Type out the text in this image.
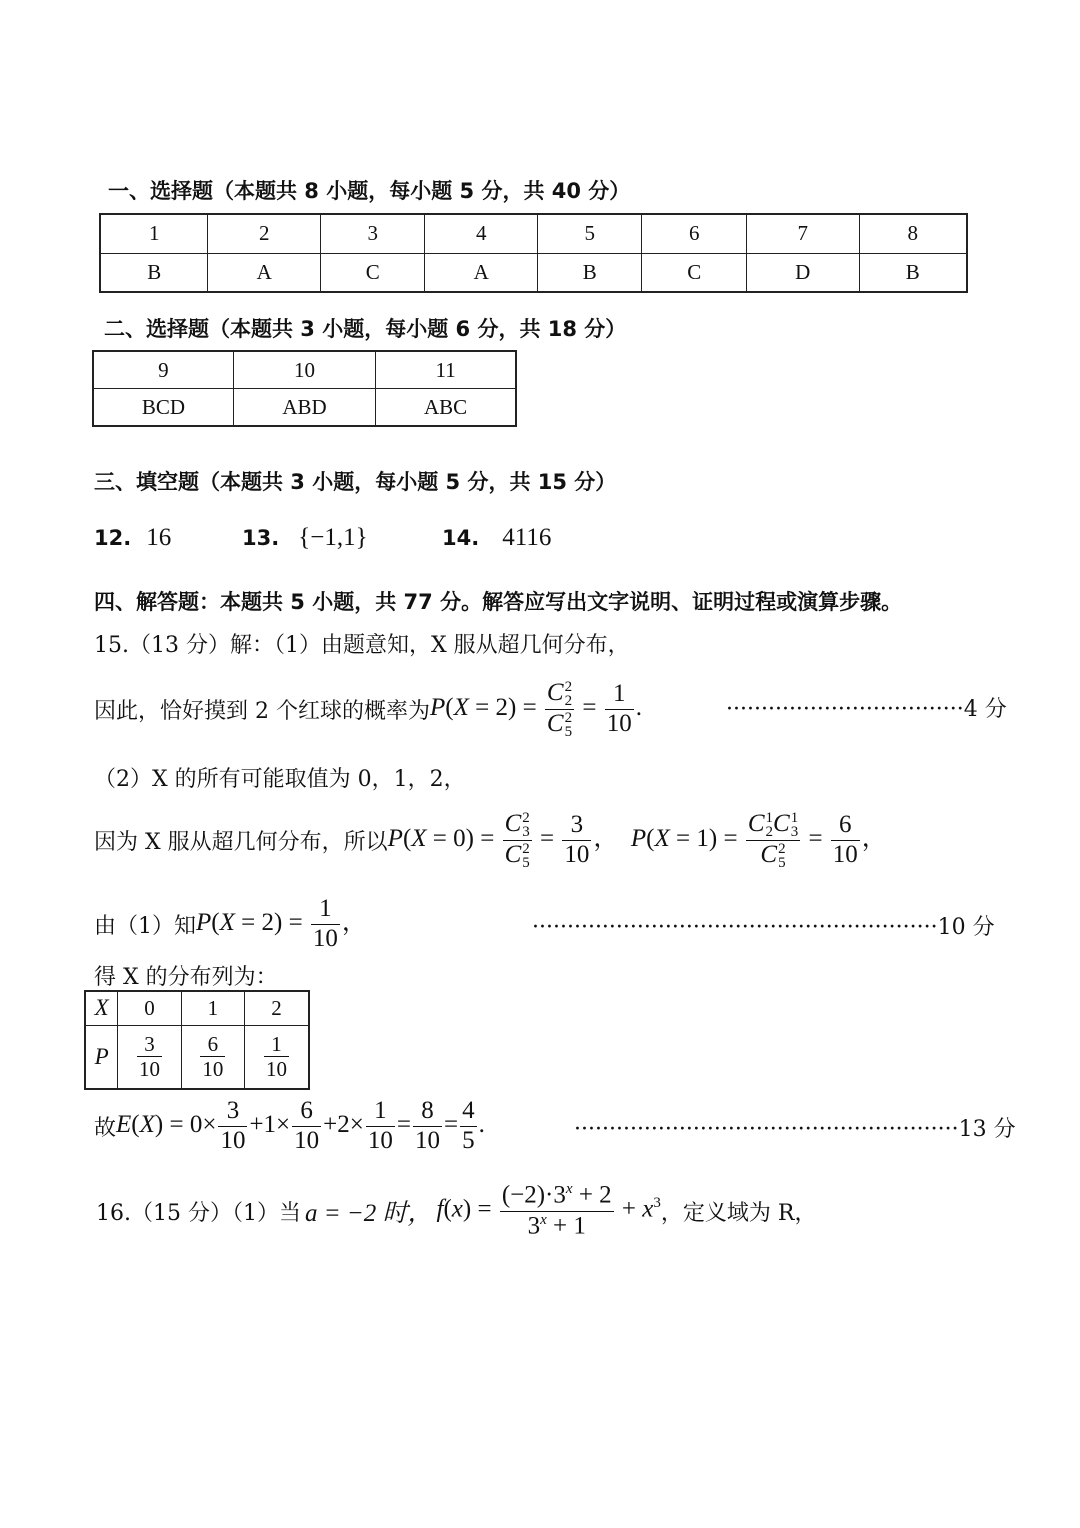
一、选择题（本题共 8 小题，每小题 5 分，共 40 分）
1	2	3	4	5	6	7	8
B	A	C	A	B	C	D	B
二、选择题（本题共 3 小题，每小题 6 分，共 18 分）
9	10	11
BCD	ABD	ABC
三、填空题（本题共 3 小题，每小题 5 分，共 15 分）
12. 16	13. {−1,1}	14. 4116
四、解答题：本题共 5 小题，共 77 分。解答应写出文字说明、证明过程或演算步骤。
15.（13 分）解：（1）由题意知，X 服从超几何分布，
因此，恰好摸到 2 个红球的概率为 P(X = 2) = C 2
2
C 2
$5 = \frac{1}{10}$ .	··································4 分
（2）X 的所有可能取值为 0，1，2，
因为 X 服从超几何分布，所以 P(X = 0) = C 2
3
C 2
$5 = \frac{3}{10}$ ，  P(X = 1) = C 1
2 C 1
3
C 2
$5 = \frac{6}{10}$ ，
由（1）知 $P(X = 2) = \frac{1}{10}$ ，	··························································10 分
得 X 的分布列为：
X	0	1	2
P	$\frac{3}{10}$	$\frac{6}{10}$	$\frac{1}{10}$
故 $E(X) = 0\times \frac{3}{10} +1\times \frac{6}{10} +2\times \frac{1}{10} = \frac{8}{10} = \frac{4}{5}$ .	·······················································13 分
16.（15 分）（1）当 a = −2 时， $f(x) = \frac{(-2)\cdot 3^x + 2}{3^x + 1} + x^3$ ，定义域为 R，
